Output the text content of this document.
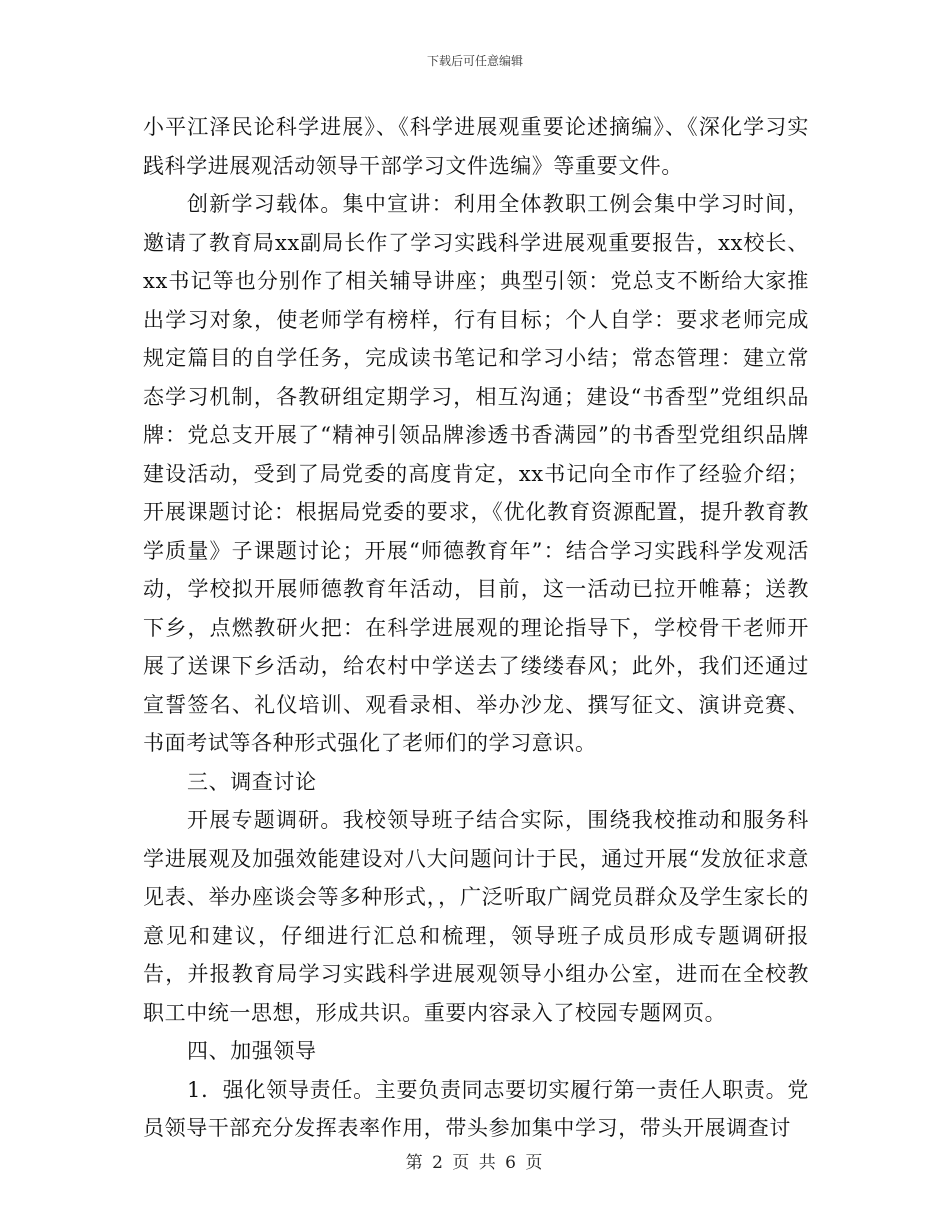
下载后可任意编辑

小平江泽民论科学进展》、《科学进展观重要论述摘编》、《深化学习实践科学进展观活动领导干部学习文件选编》等重要文件。

创新学习载体。集中宣讲：利用全体教职工例会集中学习时间，邀请了教育局xx副局长作了学习实践科学进展观重要报告，xx校长、xx书记等也分别作了相关辅导讲座；典型引领：党总支不断给大家推出学习对象，使老师学有榜样，行有目标；个人自学：要求老师完成规定篇目的自学任务，完成读书笔记和学习小结；常态管理：建立常态学习机制，各教研组定期学习，相互沟通；建设“书香型”党组织品牌：党总支开展了“精神引领品牌渗透书香满园”的书香型党组织品牌建设活动，受到了局党委的高度肯定，xx书记向全市作了经验介绍；开展课题讨论：根据局党委的要求，《优化教育资源配置，提升教育教学质量》子课题讨论；开展“师德教育年”：结合学习实践科学发观活动，学校拟开展师德教育年活动，目前，这一活动已拉开帷幕；送教下乡，点燃教研火把：在科学进展观的理论指导下，学校骨干老师开展了送课下乡活动，给农村中学送去了缕缕春风；此外，我们还通过宣誓签名、礼仪培训、观看录相、举办沙龙、撰写征文、演讲竞赛、书面考试等各种形式强化了老师们的学习意识。

三、调查讨论

开展专题调研。我校领导班子结合实际，围绕我校推动和服务科学进展观及加强效能建设对八大问题问计于民，通过开展“发放征求意见表、举办座谈会等多种形式，，广泛听取广阔党员群众及学生家长的意见和建议，仔细进行汇总和梳理，领导班子成员形成专题调研报告，并报教育局学习实践科学进展观领导小组办公室，进而在全校教职工中统一思想，形成共识。重要内容录入了校园专题网页。

四、加强领导

1．强化领导责任。主要负责同志要切实履行第一责任人职责。党员领导干部充分发挥表率作用，带头参加集中学习，带头开展调查讨

第 2 页 共 6 页
